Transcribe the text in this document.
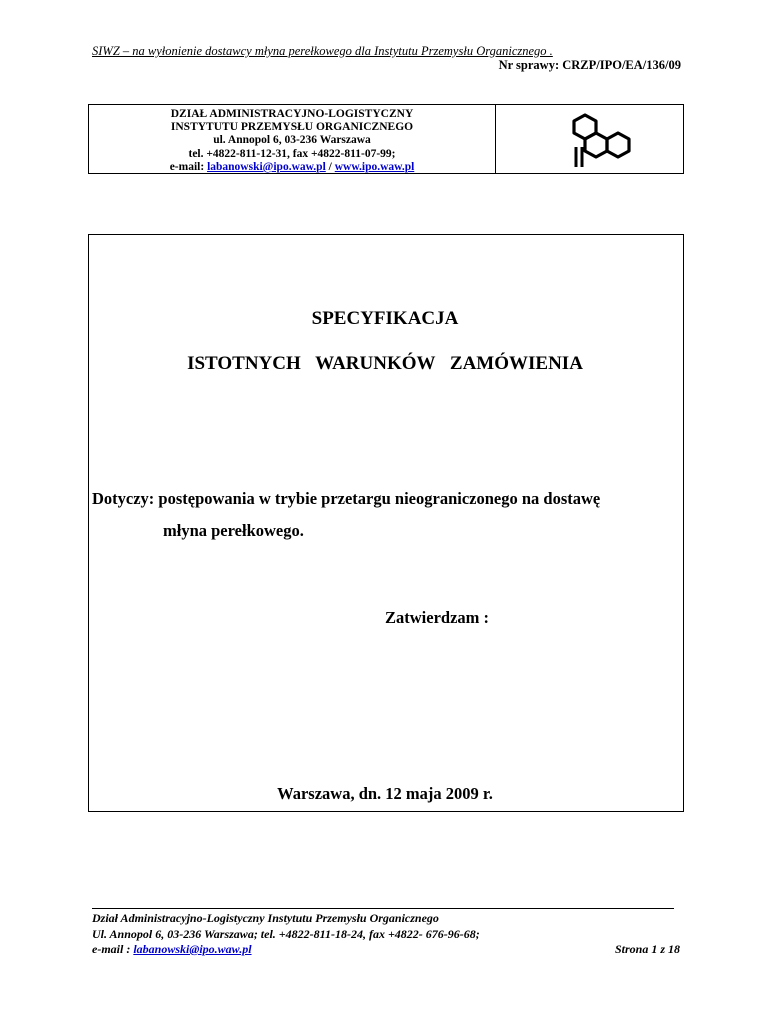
SIWZ – na wyłonienie dostawcy młyna perełkowego dla Instytutu Przemysłu Organicznego .
Nr sprawy: CRZP/IPO/EA/136/09
DZIAŁ ADMINISTRACYJNO-LOGISTYCZNY
INSTYTUTU PRZEMYSŁU ORGANICZNEGO
ul. Annopol 6, 03-236 Warszawa
tel. +4822-811-12-31, fax +4822-811-07-99;
e-mail: labanowski@ipo.waw.pl / www.ipo.waw.pl
SPECYFIKACJA
ISTOTNYCH WARUNKÓW ZAMÓWIENIA
Dotyczy: postępowania w trybie przetargu nieograniczonego na dostawę
młyna perełkowego.
Zatwierdzam :
Warszawa, dn. 12 maja 2009 r.
Dział Administracyjno-Logistyczny Instytutu Przemysłu Organicznego
Ul. Annopol 6, 03-236 Warszawa; tel. +4822-811-18-24, fax +4822- 676-96-68;
e-mail : labanowski@ipo.waw.pl	Strona 1 z 18
